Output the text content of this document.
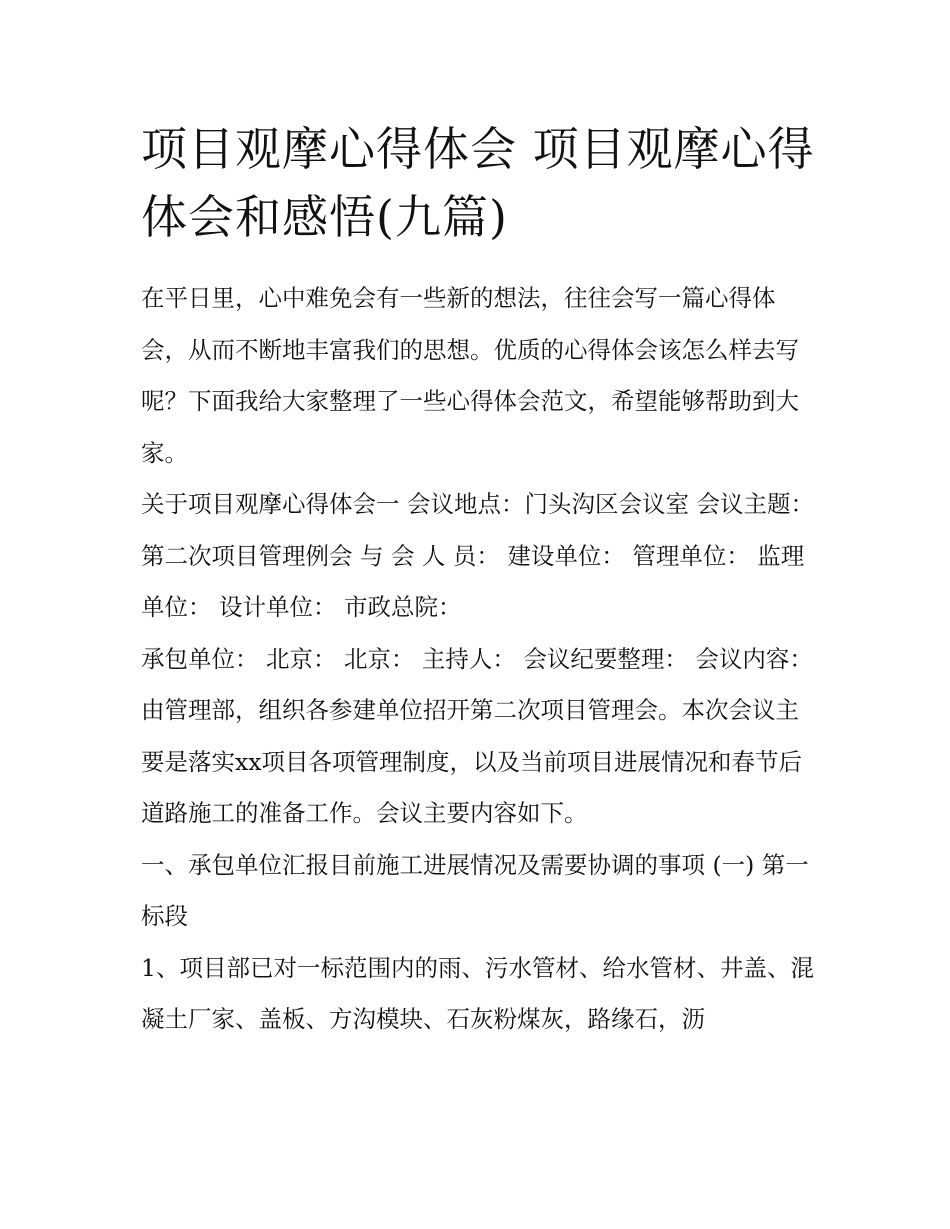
项目观摩心得体会 项目观摩心得体会和感悟(九篇)

在平日里，心中难免会有一些新的想法，往往会写一篇心得体会，从而不断地丰富我们的思想。优质的心得体会该怎么样去写呢？下面我给大家整理了一些心得体会范文，希望能够帮助到大家。

关于项目观摩心得体会一 会议地点：门头沟区会议室 会议主题：第二次项目管理例会 与 会 人 员： 建设单位： 管理单位： 监理单位： 设计单位： 市政总院：

承包单位： 北京： 北京： 主持人： 会议纪要整理： 会议内容：

由管理部，组织各参建单位招开第二次项目管理会。本次会议主要是落实xx项目各项管理制度，以及当前项目进展情况和春节后道路施工的准备工作。会议主要内容如下。

一、承包单位汇报目前施工进展情况及需要协调的事项 (一) 第一标段

1、项目部已对一标范围内的雨、污水管材、给水管材、井盖、混凝土厂家、盖板、方沟模块、石灰粉煤灰，路缘石，沥
